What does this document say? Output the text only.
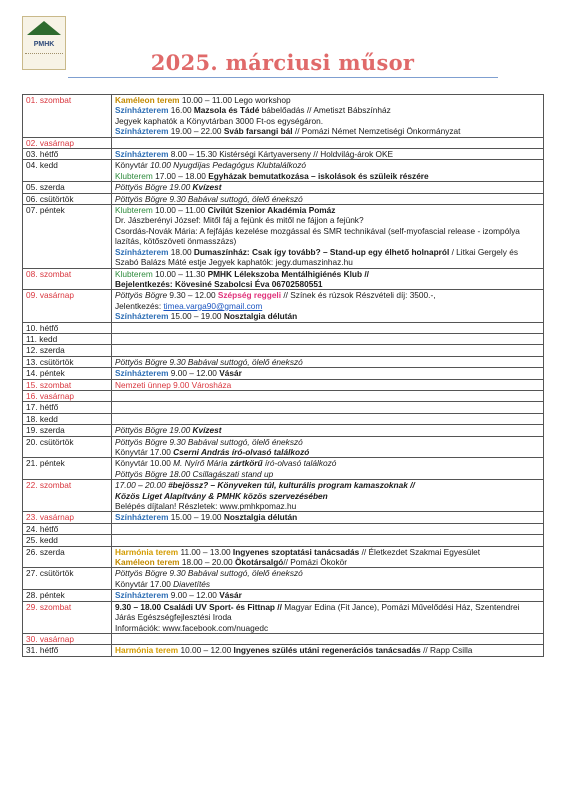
PMHK
2025. márciusi műsor
01. szombat	Kaméleon terem 10.00 – 11.00 Lego workshop
Színházterem 16.00 Mazsola és Tádé bábelőadás // Ametiszt Bábszínház
Jegyek kaphatók a Könyvtárban 3000 Ft-os egységáron.
Színházterem 19.00 – 22.00 Sváb farsangi bál // Pomázi Német Nemzetiségi Önkormányzat

02. vasárnap	
03. hétfő	Színházterem 8.00 – 15.30 Kistérségi Kártyaverseny // Holdvilág-árok OKE

04. kedd	Könyvtár 10.00 Nyugdíjas Pedagógus Klubtalálkozó
Klubterem 17.00 – 18.00 Egyházak bemutatkozása – iskolások és szüleik részére

05. szerda	Pöttyös Bögre 19.00 Kvízest

06. csütörtök	Pöttyös Bögre 9.30 Babával suttogó, ölelő énekszó

07. péntek	Klubterem 10.00 – 11.00 Civilút Szenior Akadémia Pomáz
Dr. Jászberényi József: Mitől fáj a fejünk és mitől ne fájjon a fejünk?
Csordás-Novák Mária: A fejfájás kezelése mozgással és SMR technikával (self-myofascial release - izompólya lazítás, kötőszöveti önmasszázs)
Színházterem 18.00 Dumaszínház: Csak így tovább? – Stand-up egy élhető holnapról / Litkai Gergely és Szabó Balázs Máté estje Jegyek kaphatók: jegy.dumaszinhaz.hu

08. szombat	Klubterem 10.00 – 11.30 PMHK Lélekszoba Mentálhigiénés Klub //
Bejelentkezés: Kövesiné Szabolcsi Éva 06702580551

09. vasárnap	Pöttyös Bögre 9.30 – 12.00 Szépség reggeli // Színek és rúzsok Részvételi díj: 3500.-,
Jelentkezés: timea.varga90@gmail.com
Színházterem 15.00 – 19.00 Nosztalgia délután

10. hétfő	
11. kedd	
12. szerda	
13. csütörtök	Pöttyös Bögre 9.30 Babával suttogó, ölelő énekszó

14. péntek	Színházterem 9.00 – 12.00 Vásár

15. szombat	Nemzeti ünnep 9.00 Városháza

16. vasárnap	
17. hétfő	
18. kedd	
19. szerda	Pöttyös Bögre 19.00 Kvízest

20. csütörtök	Pöttyös Bögre 9.30 Babával suttogó, ölelő énekszó
Könyvtár 17.00 Cserni András író-olvasó találkozó

21. péntek	Könyvtár 10.00 M. Nyírő Mária zártkörű író-olvasó találkozó
Pöttyös Bögre 18.00 Csillagászati stand up

22. szombat	17.00 – 20.00 #bejössz? – Könyveken túl, kulturális program kamaszoknak //
Közös Liget Alapítvány & PMHK közös szervezésében
Belépés díjtalan! Részletek: www.pmhkpomaz.hu

23. vasárnap	Színházterem 15.00 – 19.00 Nosztalgia délután

24. hétfő	
25. kedd	
26. szerda	Harmónia terem 11.00 – 13.00 Ingyenes szoptatási tanácsadás // Életkezdet Szakmai Egyesület
Kaméleon terem 18.00 – 20.00 Ökotársalgó// Pomázi Ökokör

27. csütörtök	Pöttyös Bögre 9.30 Babával suttogó, ölelő énekszó
Könyvtár 17.00 Diavetítés

28. péntek	Színházterem 9.00 – 12.00 Vásár

29. szombat	9.30 – 18.00 Családi UV Sport- és Fittnap // Magyar Edina (Fit Jance), Pomázi Művelődési Ház, Szentendrei Járás Egészségfejlesztési Iroda
Információk: www.facebook.com/nuagedc

30. vasárnap	
31. hétfő	Harmónia terem 10.00 – 12.00 Ingyenes szülés utáni regenerációs tanácsadás // Rapp Csilla
